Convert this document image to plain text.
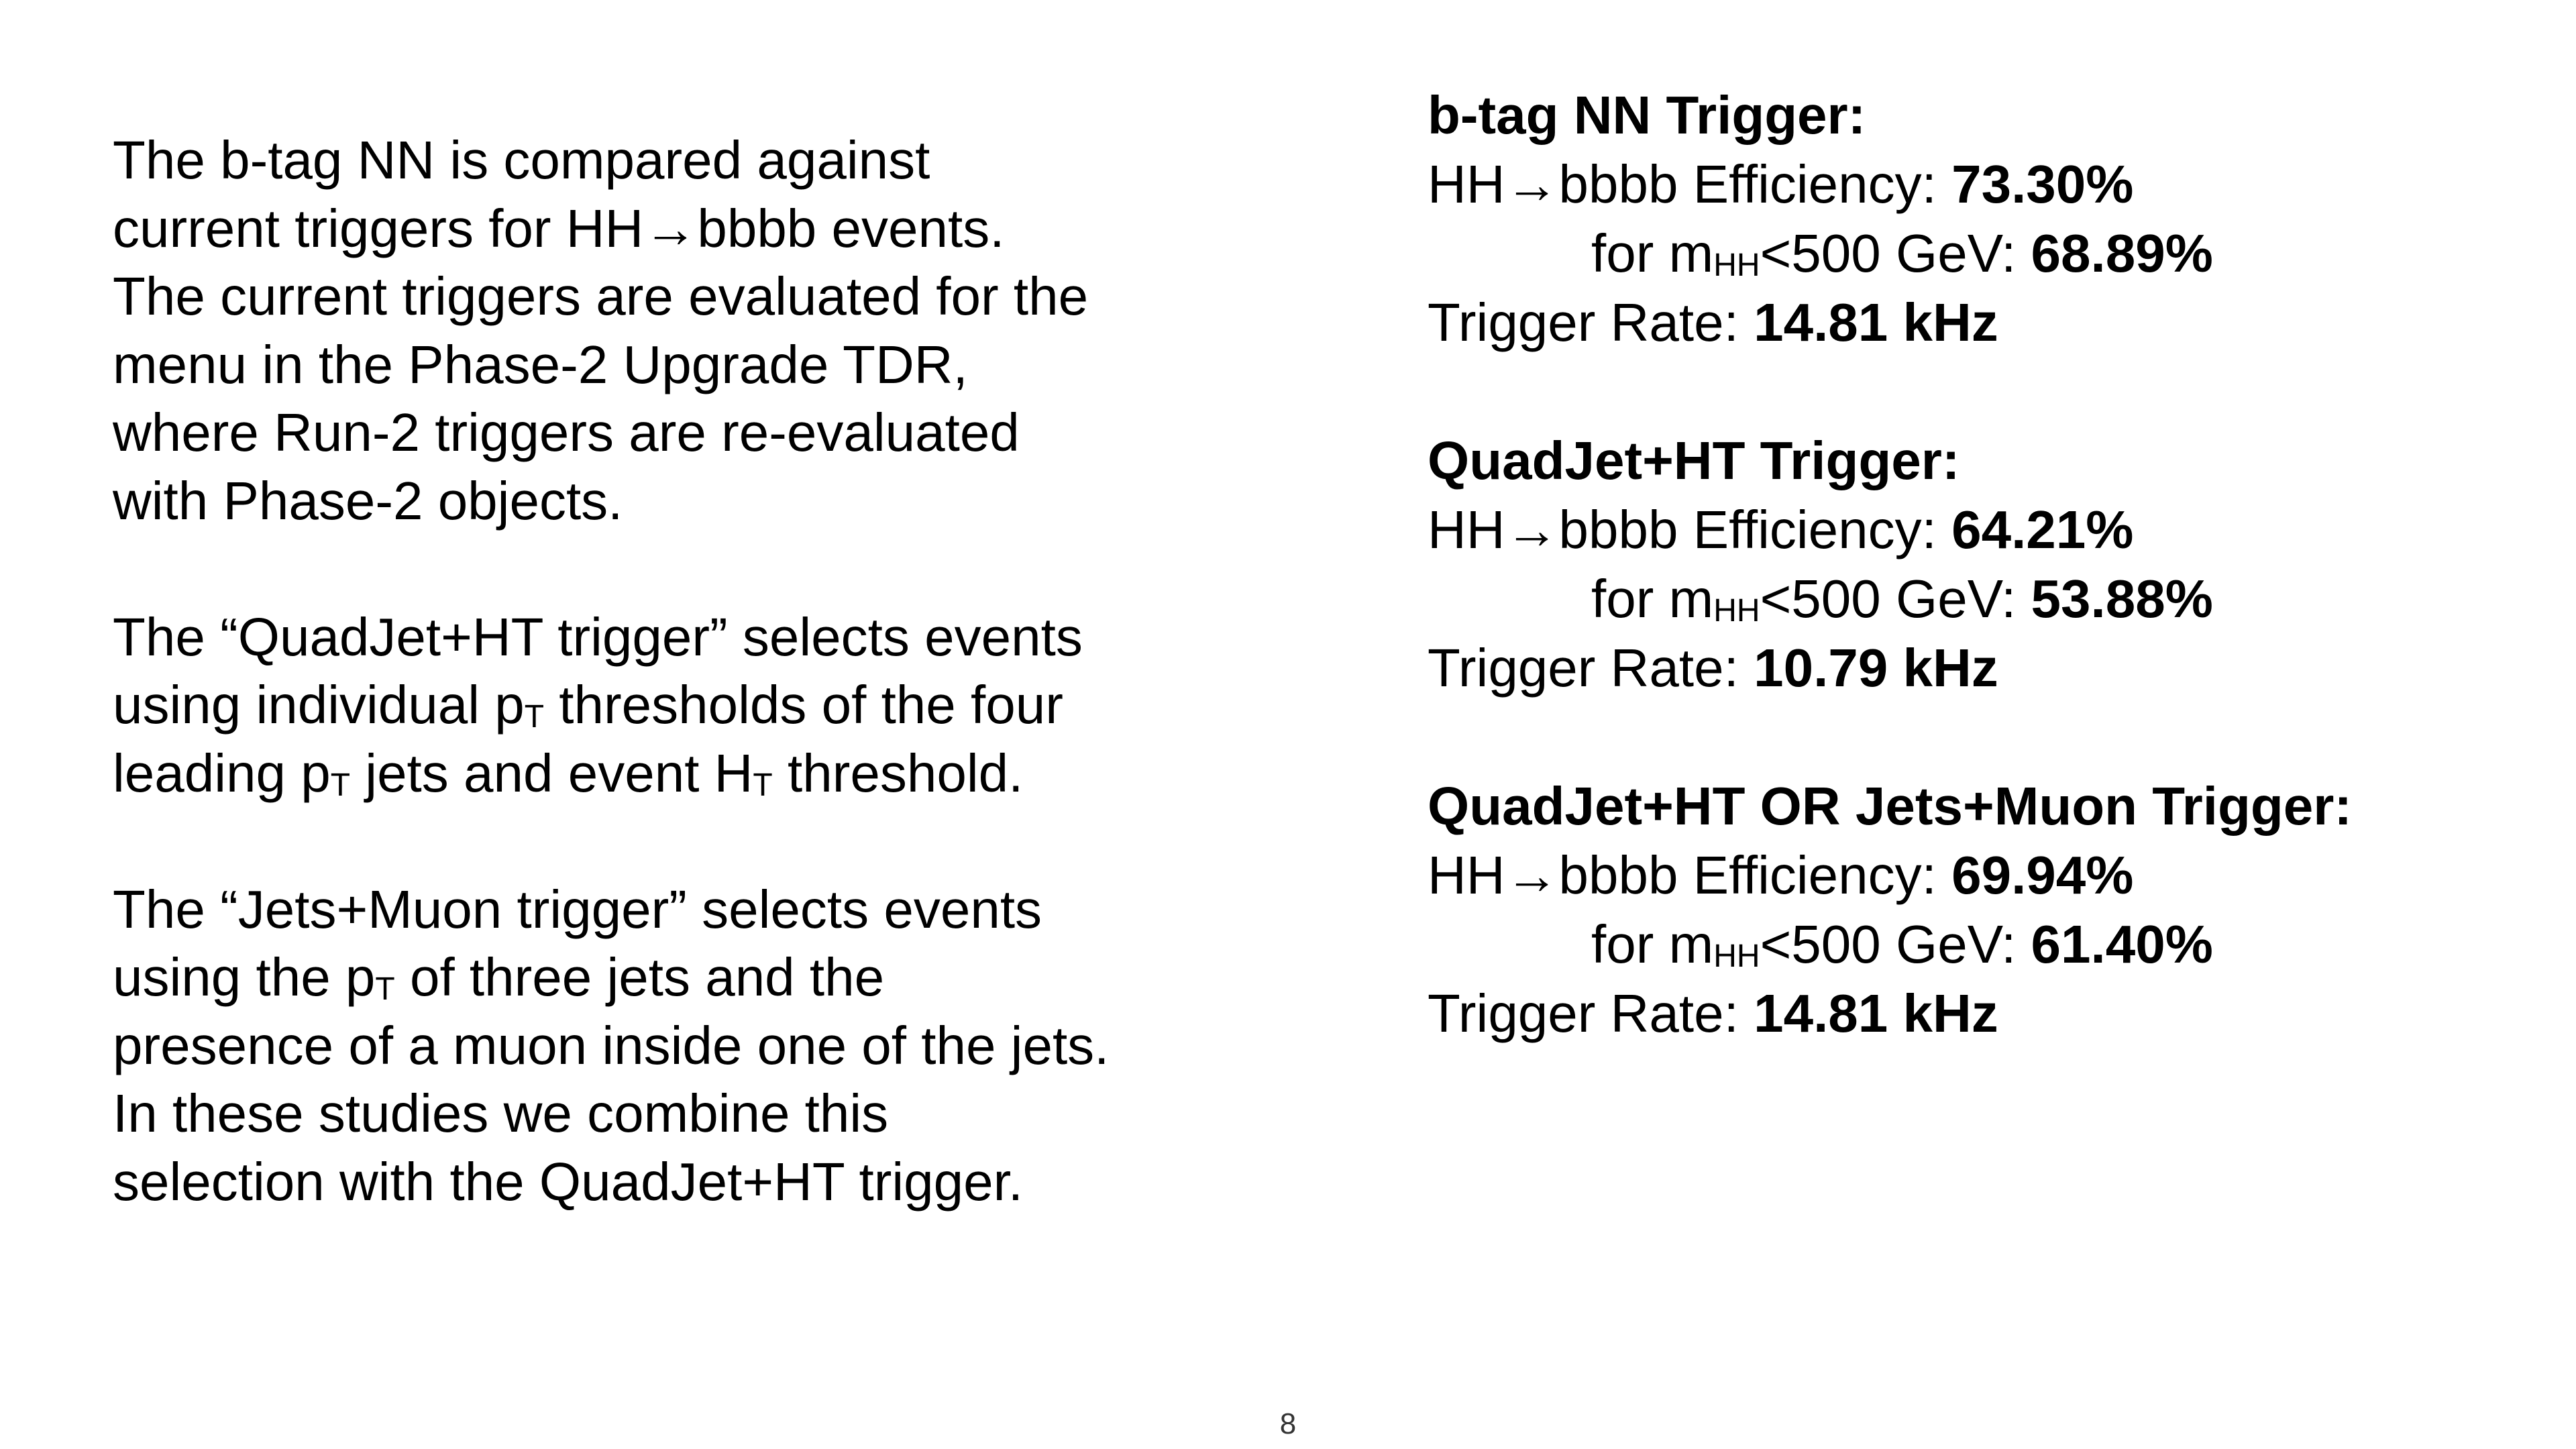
The b-tag NN is compared against
current triggers for HH→bbbb events.
The current triggers are evaluated for the
menu in the Phase-2 Upgrade TDR,
where Run-2 triggers are re-evaluated
with Phase-2 objects.
The “QuadJet+HT trigger” selects events
using individual pT thresholds of the four
leading pT jets and event HT threshold.
The “Jets+Muon trigger” selects events
using the pT of three jets and the
presence of a muon inside one of the jets.
In these studies we combine this
selection with the QuadJet+HT trigger.
b-tag NN Trigger:
HH→bbbb Efficiency: 73.30%
for mHH<500 GeV: 68.89%
Trigger Rate: 14.81 kHz
QuadJet+HT Trigger:
HH→bbbb Efficiency: 64.21%
for mHH<500 GeV: 53.88%
Trigger Rate: 10.79 kHz
QuadJet+HT OR Jets+Muon Trigger:
HH→bbbb Efficiency: 69.94%
for mHH<500 GeV: 61.40%
Trigger Rate: 14.81 kHz
8
